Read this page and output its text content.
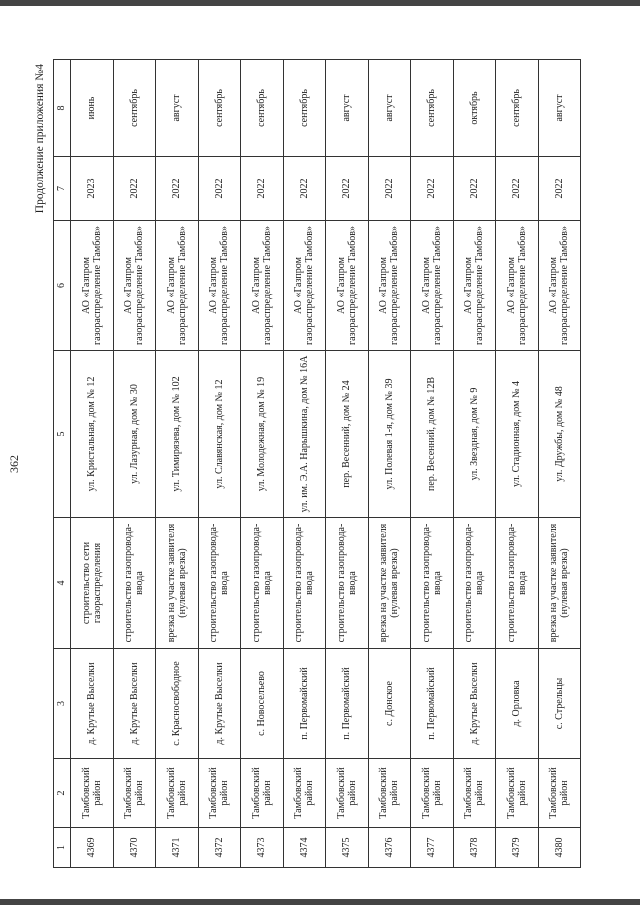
362
Продолжение приложения №4
1	2	3	4	5	6	7	8
4369	Тамбовский район	д. Крутые Выселки	строительство сети газораспределения	ул. Кристальная, дом № 12	АО «Газпром газораспределение Тамбов»	2023	июнь
4370	Тамбовский район	д. Крутые Выселки	строительство газопровода-ввода	ул. Лазурная, дом № 30	АО «Газпром газораспределение Тамбов»	2022	сентябрь
4371	Тамбовский район	с. Красносвободное	врезка на участке заявителя (нулевая врезка)	ул. Тимирязева, дом № 102	АО «Газпром газораспределение Тамбов»	2022	август
4372	Тамбовский район	д. Крутые Выселки	строительство газопровода-ввода	ул. Славянская, дом № 12	АО «Газпром газораспределение Тамбов»	2022	сентябрь
4373	Тамбовский район	с. Новоселъево	строительство газопровода-ввода	ул. Молодежная, дом № 19	АО «Газпром газораспределение Тамбов»	2022	сентябрь
4374	Тамбовский район	п. Первомайский	строительство газопровода-ввода	ул. им. Э.А. Нарышкина, дом № 16А	АО «Газпром газораспределение Тамбов»	2022	сентябрь
4375	Тамбовский район	п. Первомайский	строительство газопровода-ввода	пер. Весенний, дом № 24	АО «Газпром газораспределение Тамбов»	2022	август
4376	Тамбовский район	с. Донское	врезка на участке заявителя (нулевая врезка)	ул. Полевая 1-я, дом № 39	АО «Газпром газораспределение Тамбов»	2022	август
4377	Тамбовский район	п. Первомайский	строительство газопровода-ввода	пер. Весенний, дом № 12В	АО «Газпром газораспределение Тамбов»	2022	сентябрь
4378	Тамбовский район	д. Крутые Выселки	строительство газопровода-ввода	ул. Звездная, дом № 9	АО «Газпром газораспределение Тамбов»	2022	октябрь
4379	Тамбовский район	д. Орловка	строительство газопровода-ввода	ул. Стадионная, дом № 4	АО «Газпром газораспределение Тамбов»	2022	сентябрь
4380	Тамбовский район	с. Стрельцы	врезка на участке заявителя (нулевая врезка)	ул. Дружбы, дом № 48	АО «Газпром газораспределение Тамбов»	2022	август
